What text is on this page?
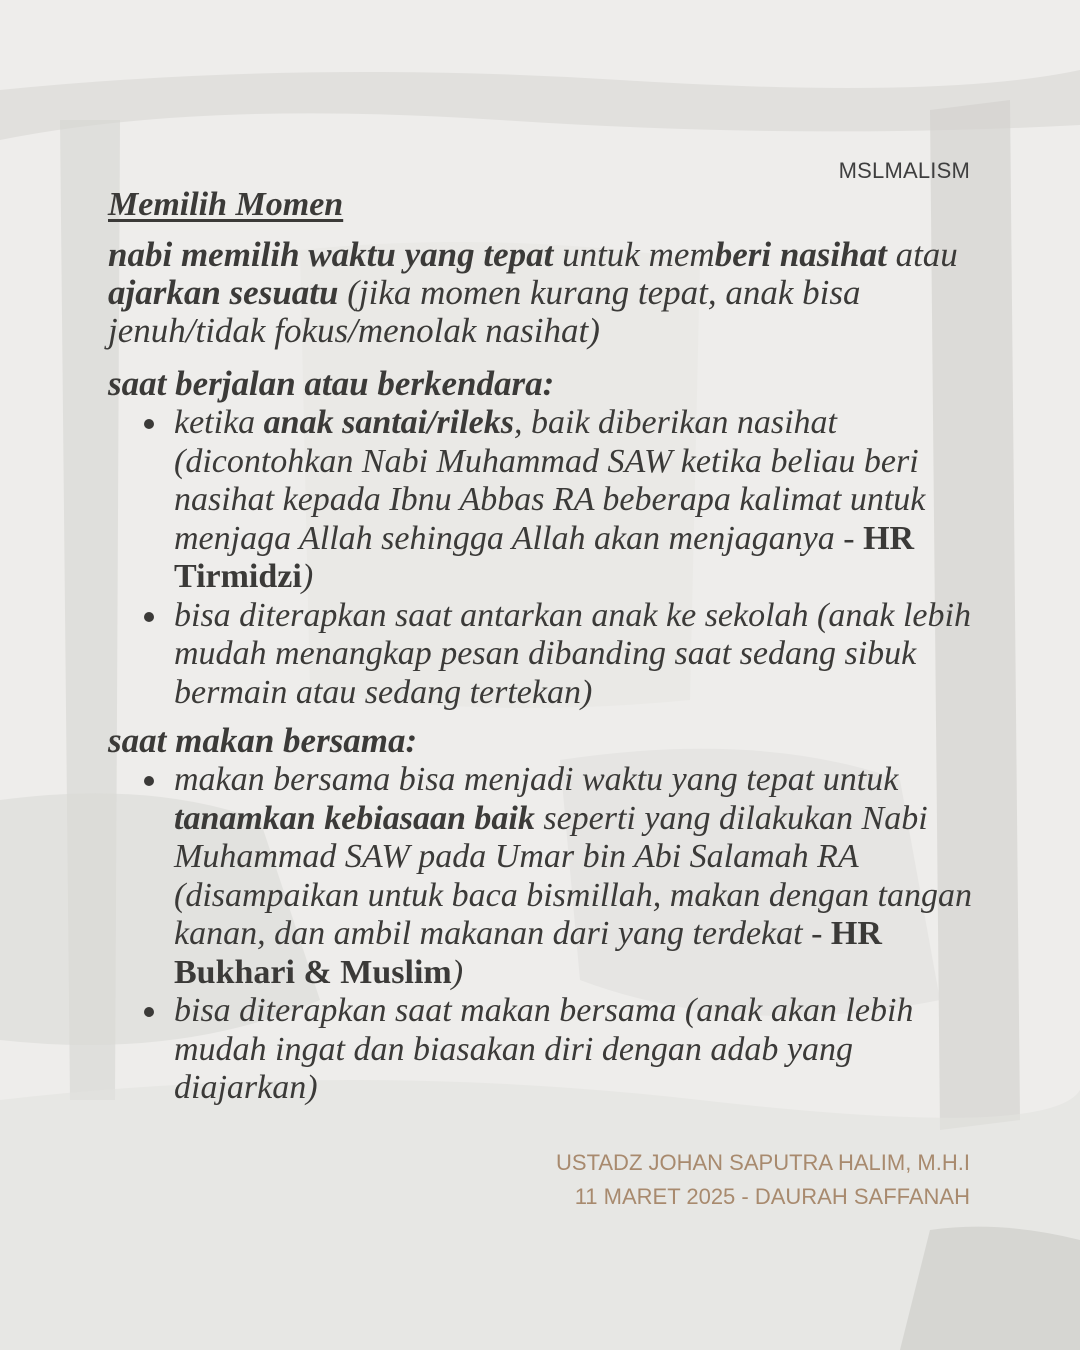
MSLMALISM
Memilih Momen

nabi memilih waktu yang tepat untuk memberi nasihat atau ajarkan sesuatu (jika momen kurang tepat, anak bisa jenuh/tidak fokus/menolak nasihat)

saat berjalan atau berkendara:
ketika anak santai/rileks, baik diberikan nasihat (dicontohkan Nabi Muhammad SAW ketika beliau beri nasihat kepada Ibnu Abbas RA beberapa kalimat untuk menjaga Allah sehingga Allah akan menjaganya - HR Tirmidzi)
bisa diterapkan saat antarkan anak ke sekolah (anak lebih mudah menangkap pesan dibanding saat sedang sibuk bermain atau sedang tertekan)
saat makan bersama:
makan bersama bisa menjadi waktu yang tepat untuk tanamkan kebiasaan baik seperti yang dilakukan Nabi Muhammad SAW pada Umar bin Abi Salamah RA (disampaikan untuk baca bismillah, makan dengan tangan kanan, dan ambil makanan dari yang terdekat - HR Bukhari & Muslim)
bisa diterapkan saat makan bersama (anak akan lebih mudah ingat dan biasakan diri dengan adab yang diajarkan)
USTADZ JOHAN SAPUTRA HALIM, M.H.I
11 MARET 2025 - DAURAH SAFFANAH
